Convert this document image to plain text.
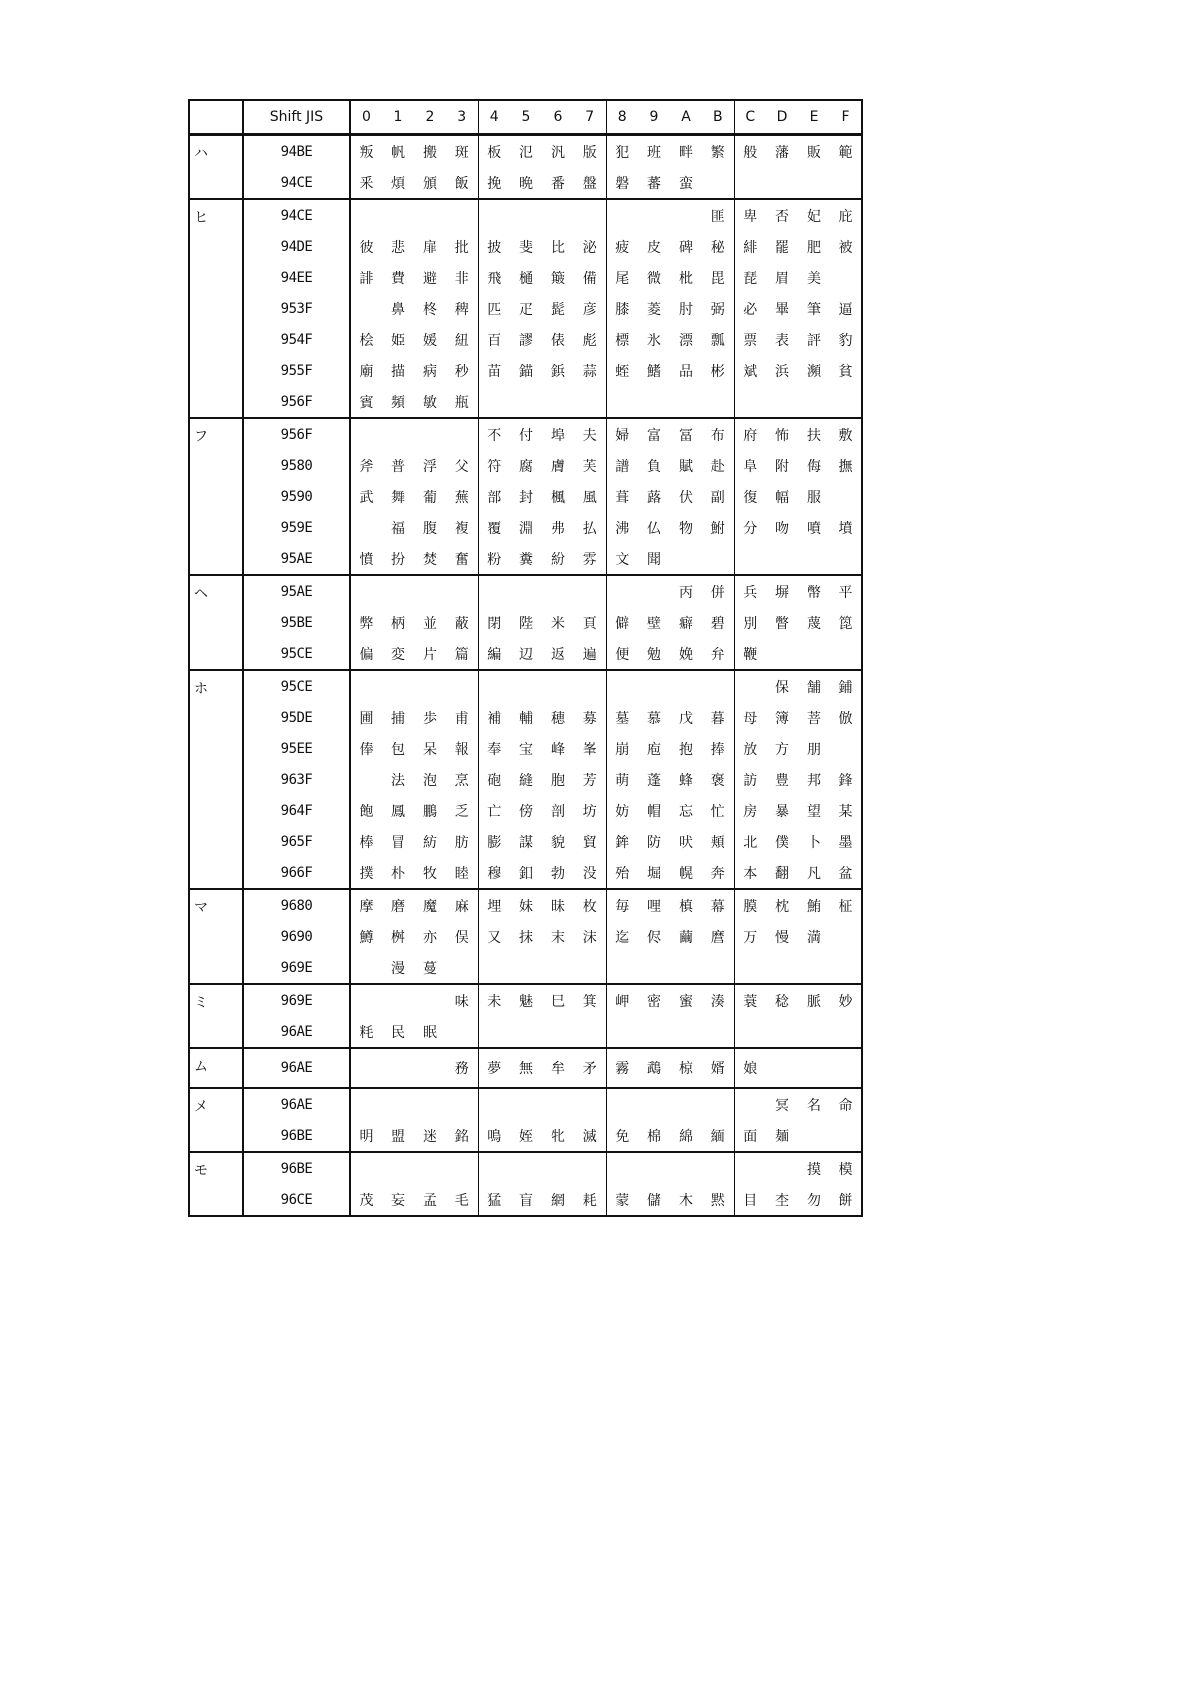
	Shift JIS	0	1	2	3	4	5	6	7	8	9	A	B	C	D	E	F
ハ	94BE	叛	帆	搬	斑	板	氾	汎	版	犯	班	畔	繁	般	藩	販	範
	94CE	釆	煩	頒	飯	挽	晩	番	盤	磐	蕃	蛮					
ヒ	94CE												匪	卑	否	妃	庇
	94DE	彼	悲	扉	批	披	斐	比	泌	疲	皮	碑	秘	緋	罷	肥	被
	94EE	誹	費	避	非	飛	樋	簸	備	尾	微	枇	毘	琵	眉	美	
	953F		鼻	柊	稗	匹	疋	髭	彦	膝	菱	肘	弼	必	畢	筆	逼
	954F	桧	姫	媛	紐	百	謬	俵	彪	標	氷	漂	瓢	票	表	評	豹
	955F	廟	描	病	秒	苗	錨	鋲	蒜	蛭	鰭	品	彬	斌	浜	瀕	貧
	956F	賓	頻	敏	瓶												
フ	956F					不	付	埠	夫	婦	富	冨	布	府	怖	扶	敷
	9580	斧	普	浮	父	符	腐	膚	芙	譜	負	賦	赴	阜	附	侮	撫
	9590	武	舞	葡	蕪	部	封	楓	風	葺	蕗	伏	副	復	幅	服	
	959E		福	腹	複	覆	淵	弗	払	沸	仏	物	鮒	分	吻	噴	墳
	95AE	憤	扮	焚	奮	粉	糞	紛	雰	文	聞						
ヘ	95AE											丙	併	兵	塀	幣	平
	95BE	弊	柄	並	蔽	閉	陛	米	頁	僻	壁	癖	碧	別	瞥	蔑	箆
	95CE	偏	変	片	篇	編	辺	返	遍	便	勉	娩	弁	鞭			
ホ	95CE														保	舗	鋪
	95DE	圃	捕	歩	甫	補	輔	穂	募	墓	慕	戊	暮	母	簿	菩	倣
	95EE	俸	包	呆	報	奉	宝	峰	峯	崩	庖	抱	捧	放	方	朋	
	963F		法	泡	烹	砲	縫	胞	芳	萌	蓬	蜂	褒	訪	豊	邦	鋒
	964F	飽	鳳	鵬	乏	亡	傍	剖	坊	妨	帽	忘	忙	房	暴	望	某
	965F	棒	冒	紡	肪	膨	謀	貌	貿	鉾	防	吠	頬	北	僕	卜	墨
	966F	撲	朴	牧	睦	穆	釦	勃	没	殆	堀	幌	奔	本	翻	凡	盆
マ	9680	摩	磨	魔	麻	埋	妹	昧	枚	毎	哩	槙	幕	膜	枕	鮪	柾
	9690	鱒	桝	亦	俣	又	抹	末	沫	迄	侭	繭	麿	万	慢	満	
	969E		漫	蔓													
ミ	969E				味	未	魅	巳	箕	岬	密	蜜	湊	蓑	稔	脈	妙
	96AE	粍	民	眠													
ム	96AE				務	夢	無	牟	矛	霧	鵡	椋	婿	娘			
メ	96AE														冥	名	命
	96BE	明	盟	迷	銘	鳴	姪	牝	滅	免	棉	綿	緬	面	麺		
モ	96BE															摸	模
	96CE	茂	妄	孟	毛	猛	盲	網	耗	蒙	儲	木	黙	目	杢	勿	餅
